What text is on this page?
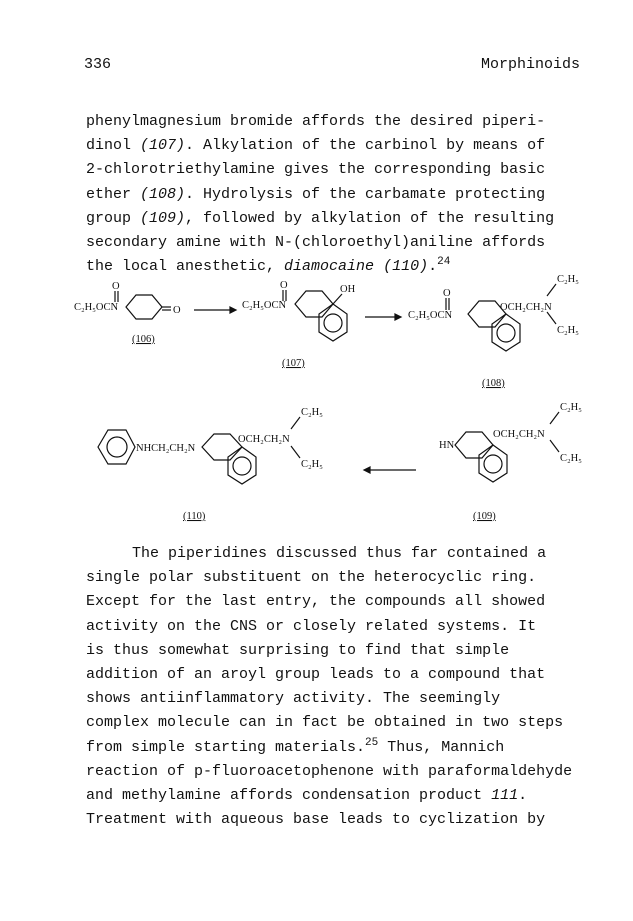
336	Morphinoids
phenylmagnesium bromide affords the desired piperi-
dinol (107). Alkylation of the carbinol by means of
2-chlorotriethylamine gives the corresponding basic
ether (108). Hydrolysis of the carbamate protecting
group (109), followed by alkylation of the resulting
secondary amine with N-(chloroethyl)aniline affords
the local anesthetic, diamocaine (110).$^{24}$
O
C₂H₅OCN	O
(106)
O
C₂H₅OCN
OH
(107)
O
C₂H₅OCN
OCH₂CH₂N
C₂H₅
C₂H₅
(108)
NHCH₂CH₂N
OCH₂CH₂N
C₂H₅
C₂H₅
(110)
HN
OCH₂CH₂N
C₂H₅
C₂H₅
(109)
The piperidines discussed thus far contained a
single polar substituent on the heterocyclic ring.
Except for the last entry, the compounds all showed
activity on the CNS or closely related systems. It
is thus somewhat surprising to find that simple
addition of an aroyl group leads to a compound that
shows antiinflammatory activity. The seemingly
complex molecule can in fact be obtained in two steps
from simple starting materials.$^{25}$ Thus, Mannich
reaction of p-fluoroacetophenone with paraformaldehyde
and methylamine affords condensation product 111.
Treatment with aqueous base leads to cyclization by
